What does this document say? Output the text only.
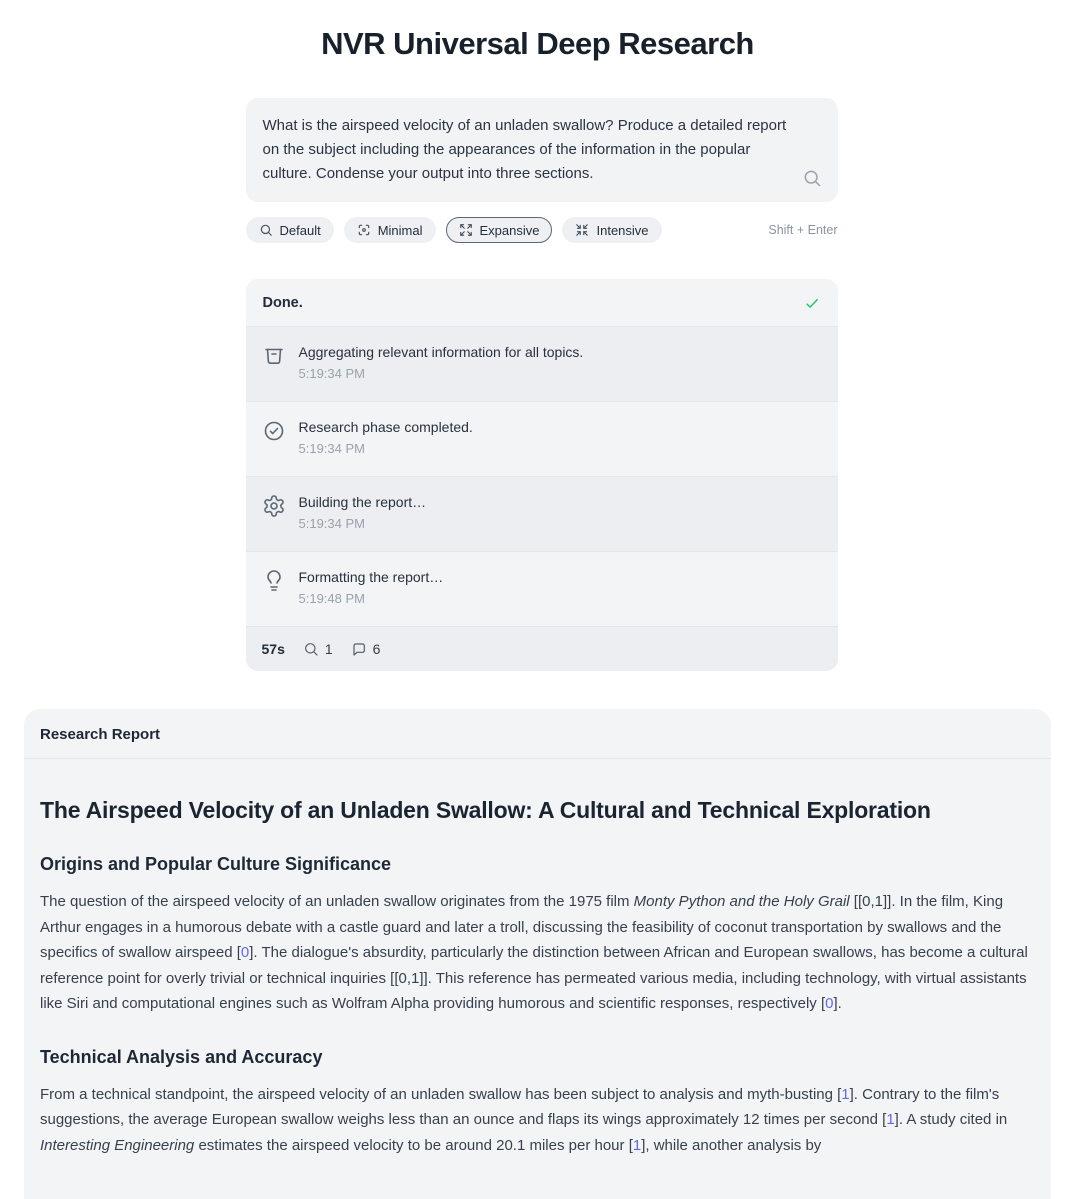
NVR Universal Deep Research
What is the airspeed velocity of an unladen swallow? Produce a detailed report on the subject including the appearances of the information in the popular culture. Condense your output into three sections.
Default	Minimal	Expansive	Intensive	Shift + Enter
Done.
Aggregating relevant information for all topics.
5:19:34 PM
Research phase completed.
5:19:34 PM
Building the report…
5:19:34 PM
Formatting the report…
5:19:48 PM
57s	1	6
Research Report
The Airspeed Velocity of an Unladen Swallow: A Cultural and Technical Exploration
Origins and Popular Culture Significance

The question of the airspeed velocity of an unladen swallow originates from the 1975 film Monty Python and the Holy Grail [[0,1]]. In the film, King Arthur engages in a humorous debate with a castle guard and later a troll, discussing the feasibility of coconut transportation by swallows and the specifics of swallow airspeed [0]. The dialogue's absurdity, particularly the distinction between African and European swallows, has become a cultural reference point for overly trivial or technical inquiries [[0,1]]. This reference has permeated various media, including technology, with virtual assistants like Siri and computational engines such as Wolfram Alpha providing humorous and scientific responses, respectively [0].

Technical Analysis and Accuracy

From a technical standpoint, the airspeed velocity of an unladen swallow has been subject to analysis and myth-busting [1]. Contrary to the film's suggestions, the average European swallow weighs less than an ounce and flaps its wings approximately 12 times per second [1]. A study cited in Interesting Engineering estimates the airspeed velocity to be around 20.1 miles per hour [1], while another analysis by
